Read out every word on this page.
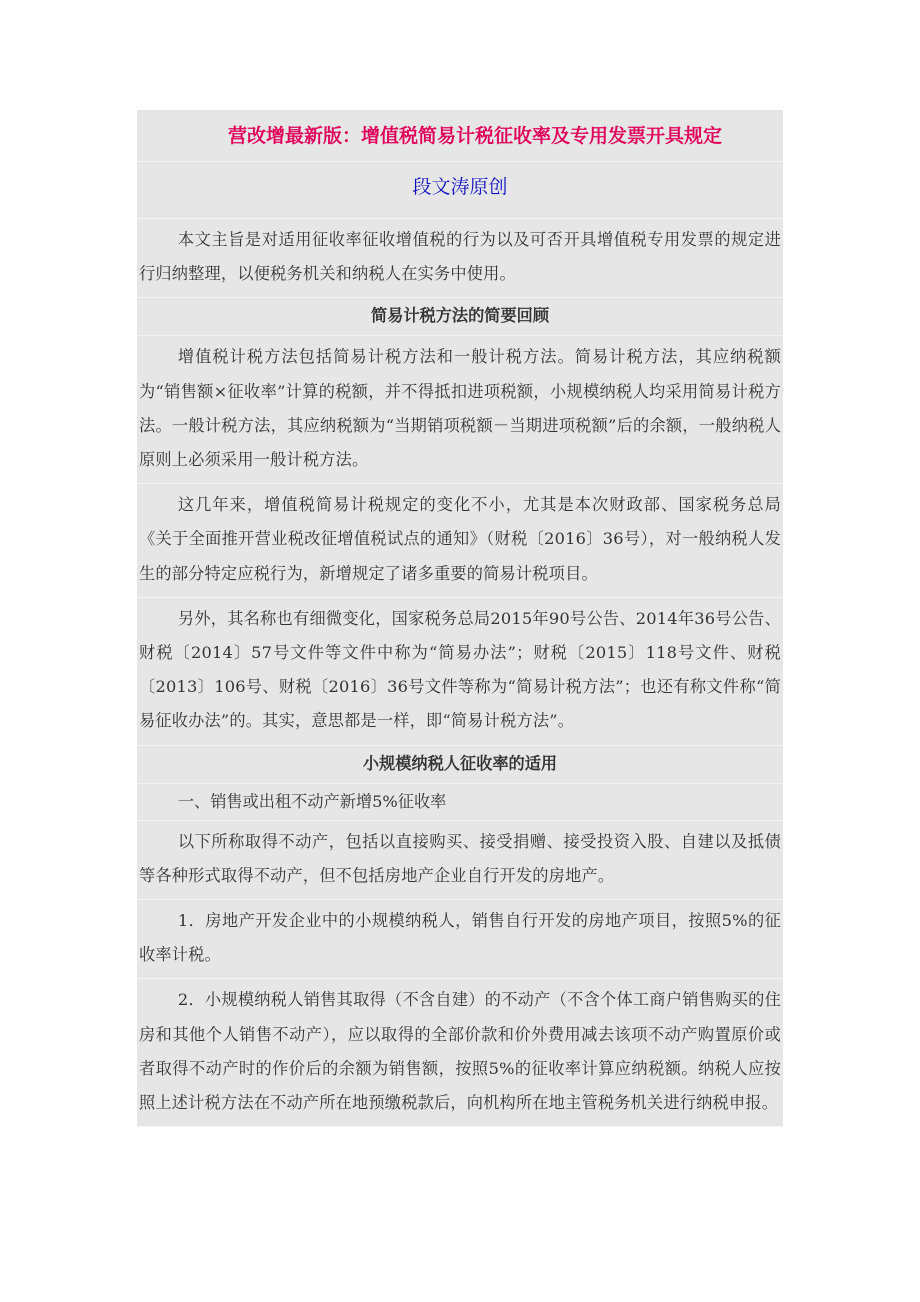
营改增最新版：增值税简易计税征收率及专用发票开具规定
段文涛原创

本文主旨是对适用征收率征收增值税的行为以及可否开具增值税专用发票的规定进行归纳整理，以便税务机关和纳税人在实务中使用。

简易计税方法的简要回顾

增值税计税方法包括简易计税方法和一般计税方法。简易计税方法，其应纳税额为“销售额×征收率”计算的税额，并不得抵扣进项税额，小规模纳税人均采用简易计税方法。一般计税方法，其应纳税额为“当期销项税额－当期进项税额”后的余额，一般纳税人原则上必须采用一般计税方法。

这几年来，增值税简易计税规定的变化不小，尤其是本次财政部、国家税务总局《关于全面推开营业税改征增值税试点的通知》（财税〔2016〕36号），对一般纳税人发生的部分特定应税行为，新增规定了诸多重要的简易计税项目。

另外，其名称也有细微变化，国家税务总局2015年90号公告、2014年36号公告、财税〔2014〕57号文件等文件中称为“简易办法”；财税〔2015〕118号文件、财税〔2013〕106号、财税〔2016〕36号文件等称为“简易计税方法”；也还有称文件称“简易征收办法”的。其实，意思都是一样，即“简易计税方法”。

小规模纳税人征收率的适用
一、销售或出租不动产新增5%征收率

以下所称取得不动产，包括以直接购买、接受捐赠、接受投资入股、自建以及抵债等各种形式取得不动产，但不包括房地产企业自行开发的房地产。

1．房地产开发企业中的小规模纳税人，销售自行开发的房地产项目，按照5%的征收率计税。

2．小规模纳税人销售其取得（不含自建）的不动产（不含个体工商户销售购买的住房和其他个人销售不动产），应以取得的全部价款和价外费用减去该项不动产购置原价或者取得不动产时的作价后的余额为销售额，按照5%的征收率计算应纳税额。纳税人应按照上述计税方法在不动产所在地预缴税款后，向机构所在地主管税务机关进行纳税申报。
